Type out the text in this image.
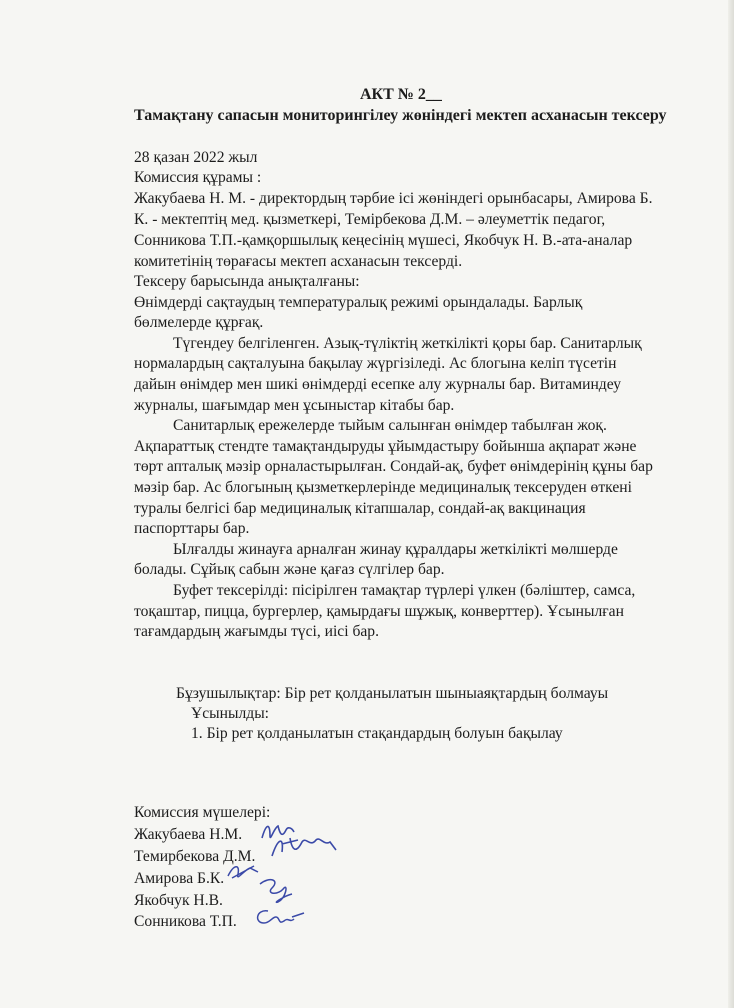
АКТ № 2__
Тамақтану сапасын мониторингілеу жөніндегі мектеп асханасын тексеру
28 қазан 2022 жыл
Комиссия құрамы :
Жакубаева Н. М. - директордың тәрбие ісі жөніндегі орынбасары, Амирова Б.
К. - мектептің мед. қызметкері, Темірбекова Д.М. – әлеуметтік педагог,
Сонникова Т.П.-қамқоршылық кеңесінің мүшесі, Якобчук Н. В.-ата-аналар
комитетінің төрағасы мектеп асханасын тексерді.
Тексеру барысында анықталғаны:
Өнімдерді сақтаудың температуралық режимі орындалады. Барлық
бөлмелерде құрғақ.
Түгендеу белгіленген. Азық-түліктің жеткілікті қоры бар. Санитарлық
нормалардың сақталуына бақылау жүргізіледі. Ас блогына келіп түсетін
дайын өнімдер мен шикі өнімдерді есепке алу журналы бар. Витаминдеу
журналы, шағымдар мен ұсыныстар кітабы бар.
Санитарлық ережелерде тыйым салынған өнімдер табылған жоқ.
Ақпараттық стендте тамақтандыруды ұйымдастыру бойынша ақпарат және
төрт апталық мәзір орналастырылған. Сондай-ақ, буфет өнімдерінің құны бар
мәзір бар. Ас блогының қызметкерлерінде медициналық тексеруден өткені
туралы белгісі бар медициналық кітапшалар, сондай-ақ вакцинация
паспорттары бар.
Ылғалды жинауға арналған жинау құралдары жеткілікті мөлшерде
болады. Сұйық сабын және қағаз сүлгілер бар.
Буфет тексерілді: пісірілген тамақтар түрлері үлкен (бәліштер, самса,
тоқаштар, пицца, бургерлер, қамырдағы шұжық, конверттер). Ұсынылған
тағамдардың жағымды түсі, иісі бар.
Бұзушылықтар: Бір рет қолданылатын шыныаяқтардың болмауы
Ұсынылды:
1. Бір рет қолданылатын стақандардың болуын бақылау
Комиссия мүшелері:
Жакубаева Н.М.
Темирбекова Д.М.
Амирова Б.К.
Якобчук Н.В.
Сонникова Т.П.
